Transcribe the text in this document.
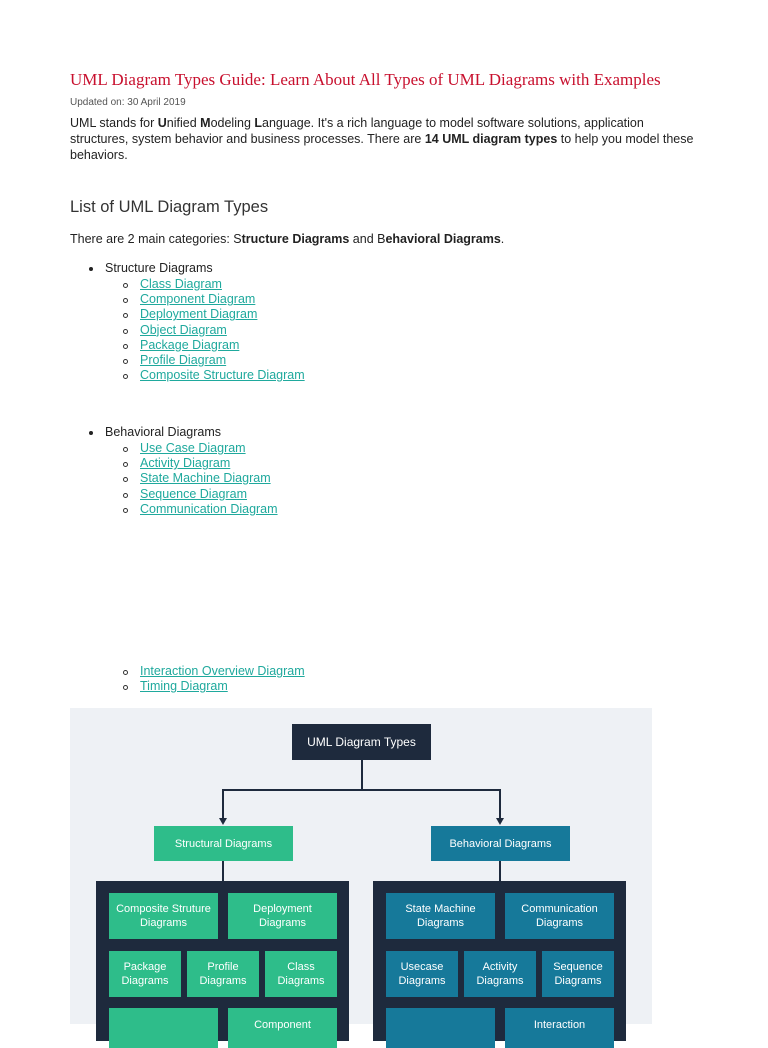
UML Diagram Types Guide: Learn About All Types of UML Diagrams with Examples
Updated on: 30 April 2019
UML stands for Unified Modeling Language. It's a rich language to model software solutions, application structures, system behavior and business processes. There are 14 UML diagram types to help you model these behaviors.
List of UML Diagram Types
There are 2 main categories: Structure Diagrams and Behavioral Diagrams.
Structure Diagrams
Class Diagram
Component Diagram
Deployment Diagram
Object Diagram
Package Diagram
Profile Diagram
Composite Structure Diagram
Behavioral Diagrams
Use Case Diagram
Activity Diagram
State Machine Diagram
Sequence Diagram
Communication Diagram
Interaction Overview Diagram
Timing Diagram
UML Diagram Types
Structural Diagrams	Behavioral Diagrams
Composite Struture Diagrams
Deployment Diagrams
Package Diagrams
Profile Diagrams
Class Diagrams
Component
State Machine Diagrams
Communication Diagrams
Usecase Diagrams
Activity Diagrams
Sequence Diagrams
Interaction
